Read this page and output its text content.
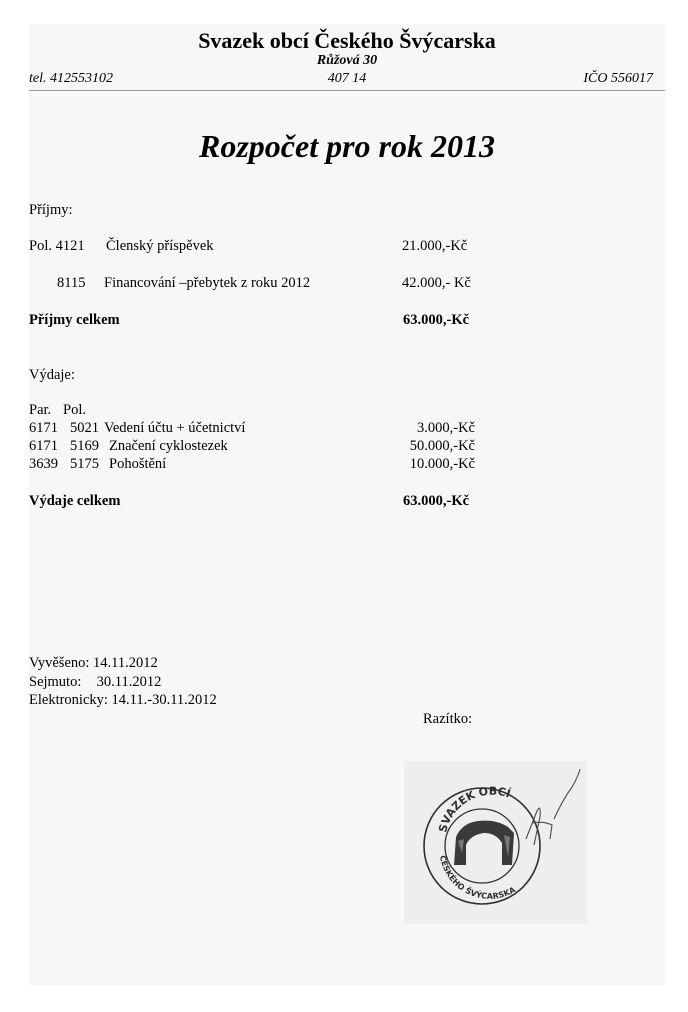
Svazek obcí Českého Švýcarska
Růžová 30
tel. 412553102	407 14	IČO 556017
Rozpočet pro rok 2013
Příjmy:
Pol. 4121 Členský příspěvek	21.000,-Kč
8115 Financování –přebytek z roku 2012	42.000,- Kč
Příjmy celkem	63.000,-Kč
Výdaje:
Par. Pol.
6171 5021 Vedení účtu + účetnictví	3.000,-Kč
6171 5169 Značení cyklostezek	50.000,-Kč
3639 5175 Pohoštění	10.000,-Kč
Výdaje celkem	63.000,-Kč
Vyvěšeno: 14.11.2012
Sejmuto: 30.11.2012
Elektronicky: 14.11.-30.11.2012
Razítko:
SVAZEK OBCÍ
ČESKÉHO ŠVÝCARSKA
